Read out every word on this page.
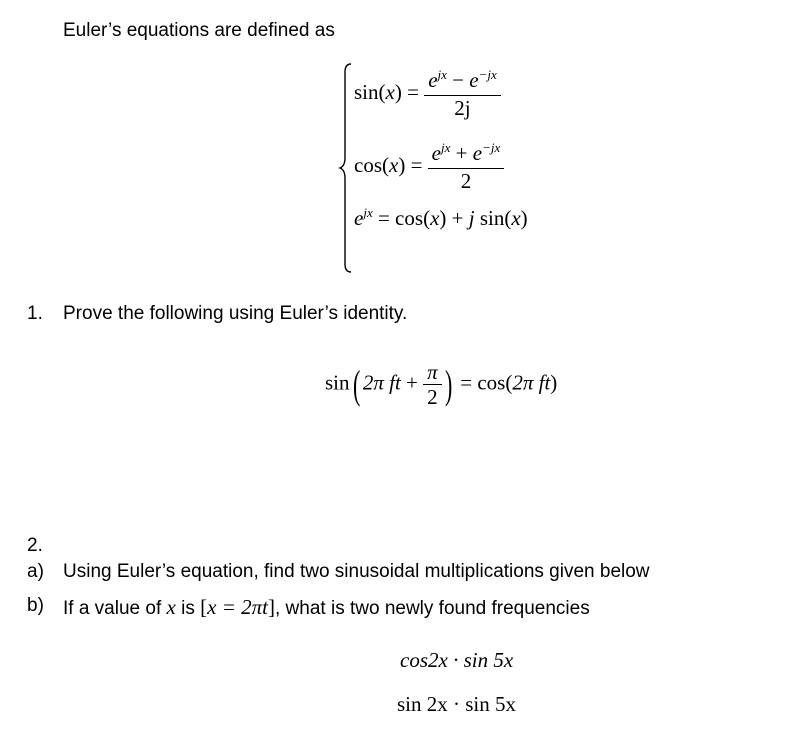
Euler’s equations are defined as
$\sin(x) = \frac{e^{jx} - e^{-jx}}{2j}$
$\cos(x) = \frac{e^{jx} + e^{-jx}}{2}$
$e^{jx} = \cos(x) + j$ sin(x)
1. Prove the following using Euler’s identity.
sin( 2π ft + $\frac{\pi}{2}$ ) = cos(2π ft)
2.
a) Using Euler’s equation, find two sinusoidal multiplications given below
b) If a value of x is [x = 2πt], what is two newly found frequencies
cos2x · sin 5x
sin 2x · sin 5x
